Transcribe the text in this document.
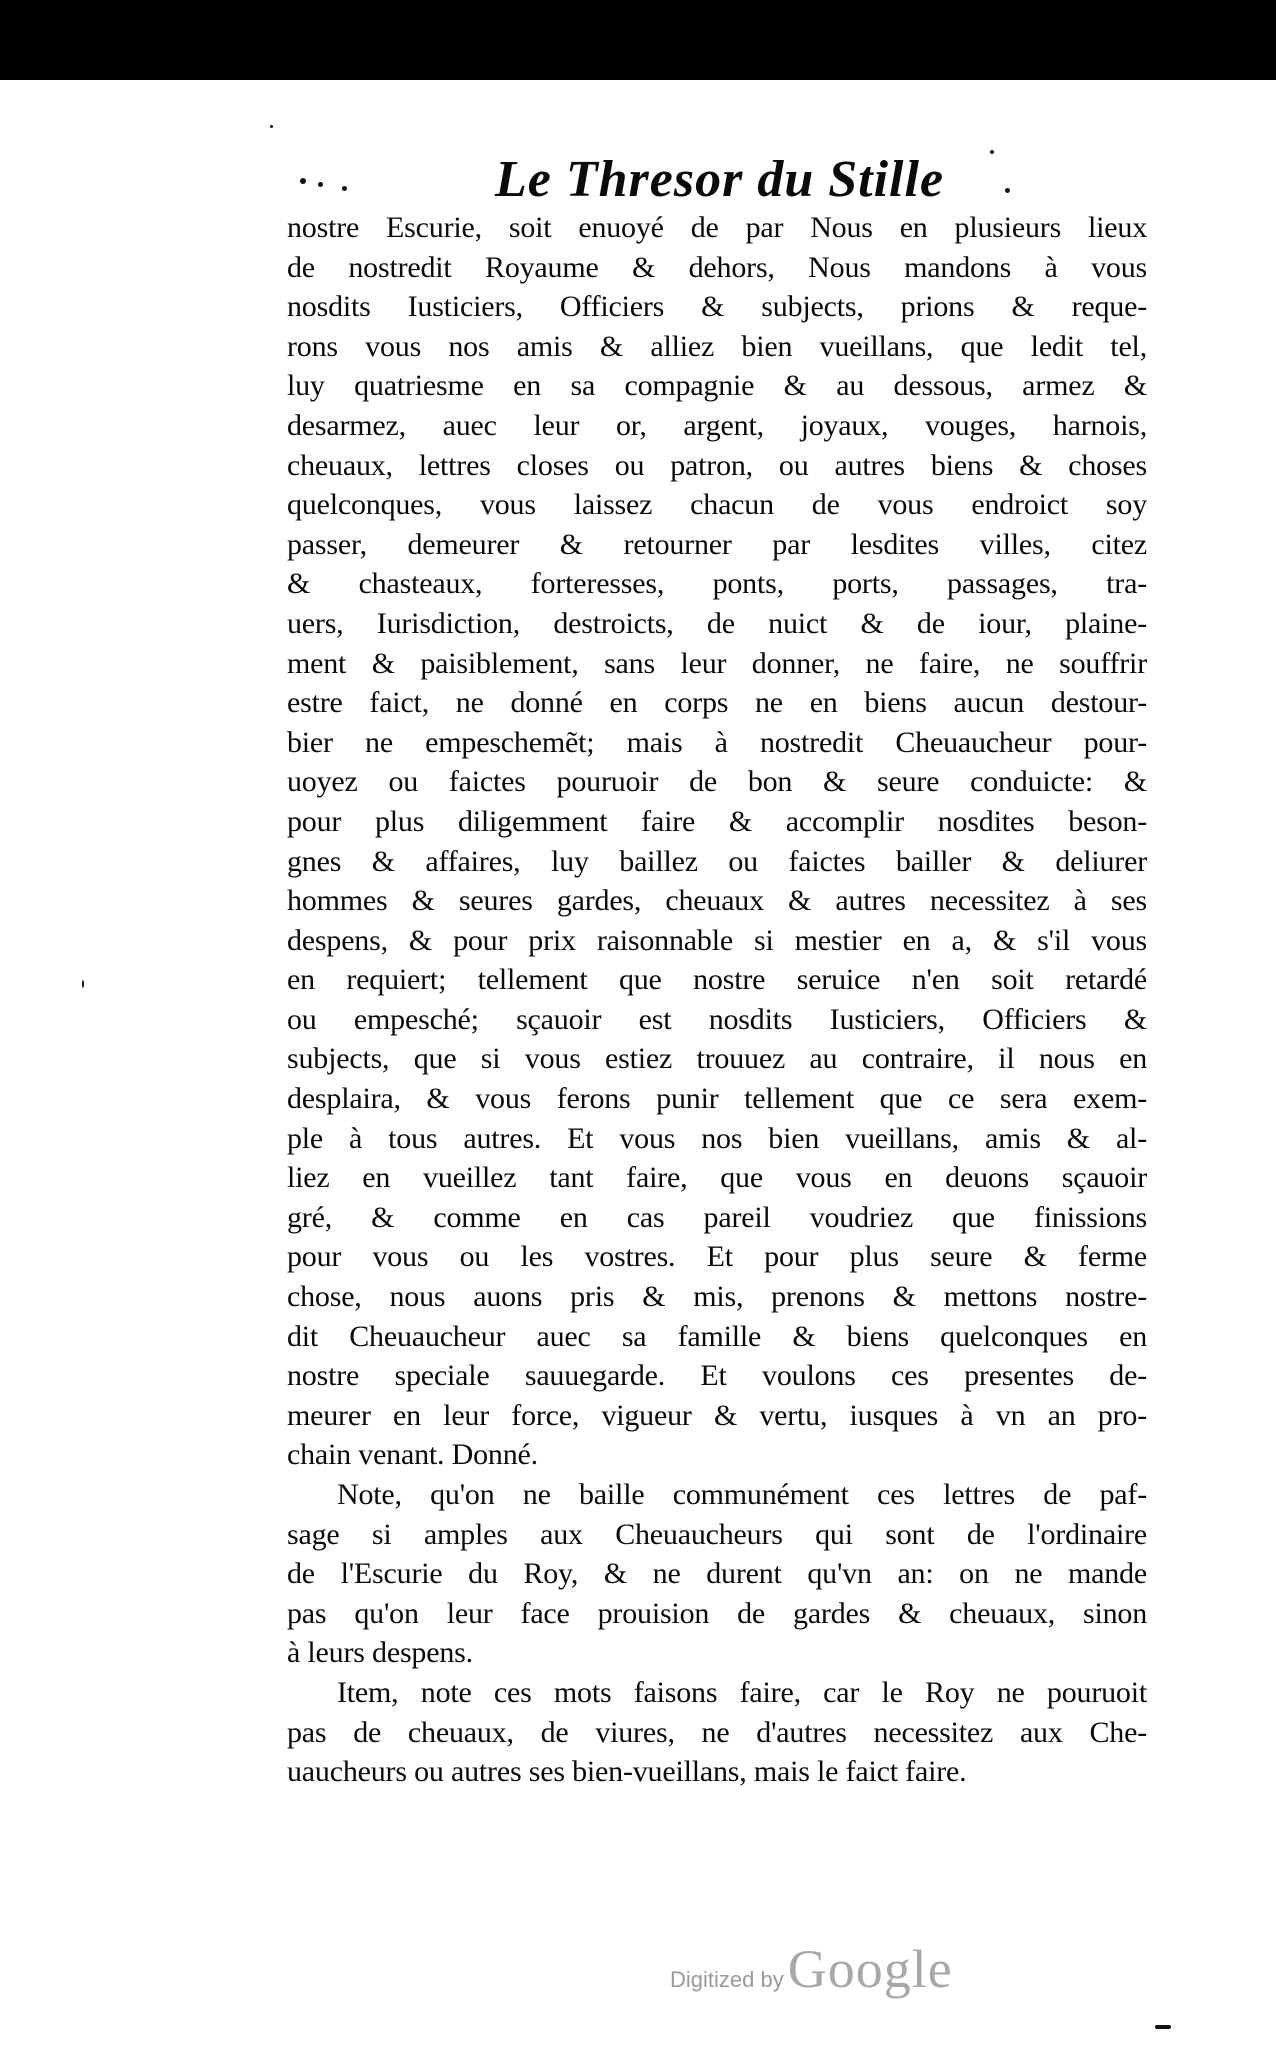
Le Thresor du Stille
nostre Escurie, soit enuoyé de par Nous en plusieurs lieux
de nostredit Royaume & dehors, Nous mandons à vous
nosdits Iusticiers, Officiers & subjects, prions & reque-
rons vous nos amis & alliez bien vueillans, que ledit tel,
luy quatriesme en sa compagnie & au dessous, armez &
desarmez, auec leur or, argent, joyaux, vouges, harnois,
cheuaux, lettres closes ou patron, ou autres biens & choses
quelconques, vous laissez chacun de vous endroict soy
passer, demeurer & retourner par lesdites villes, citez
& chasteaux, forteresses, ponts, ports, passages, tra-
uers, Iurisdiction, destroicts, de nuict & de iour, plaine-
ment & paisiblement, sans leur donner, ne faire, ne souffrir
estre faict, ne donné en corps ne en biens aucun destour-
bier ne empeschemẽt; mais à nostredit Cheuaucheur pour-
uoyez ou faictes pouruoir de bon & seure conduicte: &
pour plus diligemment faire & accomplir nosdites beson-
gnes & affaires, luy baillez ou faictes bailler & deliurer
hommes & seures gardes, cheuaux & autres necessitez à ses
despens, & pour prix raisonnable si mestier en a, & s'il vous
en requiert; tellement que nostre seruice n'en soit retardé
ou empesché; sçauoir est nosdits Iusticiers, Officiers &
subjects, que si vous estiez trouuez au contraire, il nous en
desplaira, & vous ferons punir tellement que ce sera exem-
ple à tous autres. Et vous nos bien vueillans, amis & al-
liez en vueillez tant faire, que vous en deuons sçauoir
gré, & comme en cas pareil voudriez que finissions
pour vous ou les vostres. Et pour plus seure & ferme
chose, nous auons pris & mis, prenons & mettons nostre-
dit Cheuaucheur auec sa famille & biens quelconques en
nostre speciale sauuegarde. Et voulons ces presentes de-
meurer en leur force, vigueur & vertu, iusques à vn an pro-
chain venant. Donné.
Note, qu'on ne baille communément ces lettres de paf-
sage si amples aux Cheuaucheurs qui sont de l'ordinaire
de l'Escurie du Roy, & ne durent qu'vn an: on ne mande
pas qu'on leur face prouision de gardes & cheuaux, sinon
à leurs despens.
Item, note ces mots faisons faire, car le Roy ne pouruoit
pas de cheuaux, de viures, ne d'autres necessitez aux Che-
uaucheurs ou autres ses bien-vueillans, mais le faict faire.
Digitized byGoogle
